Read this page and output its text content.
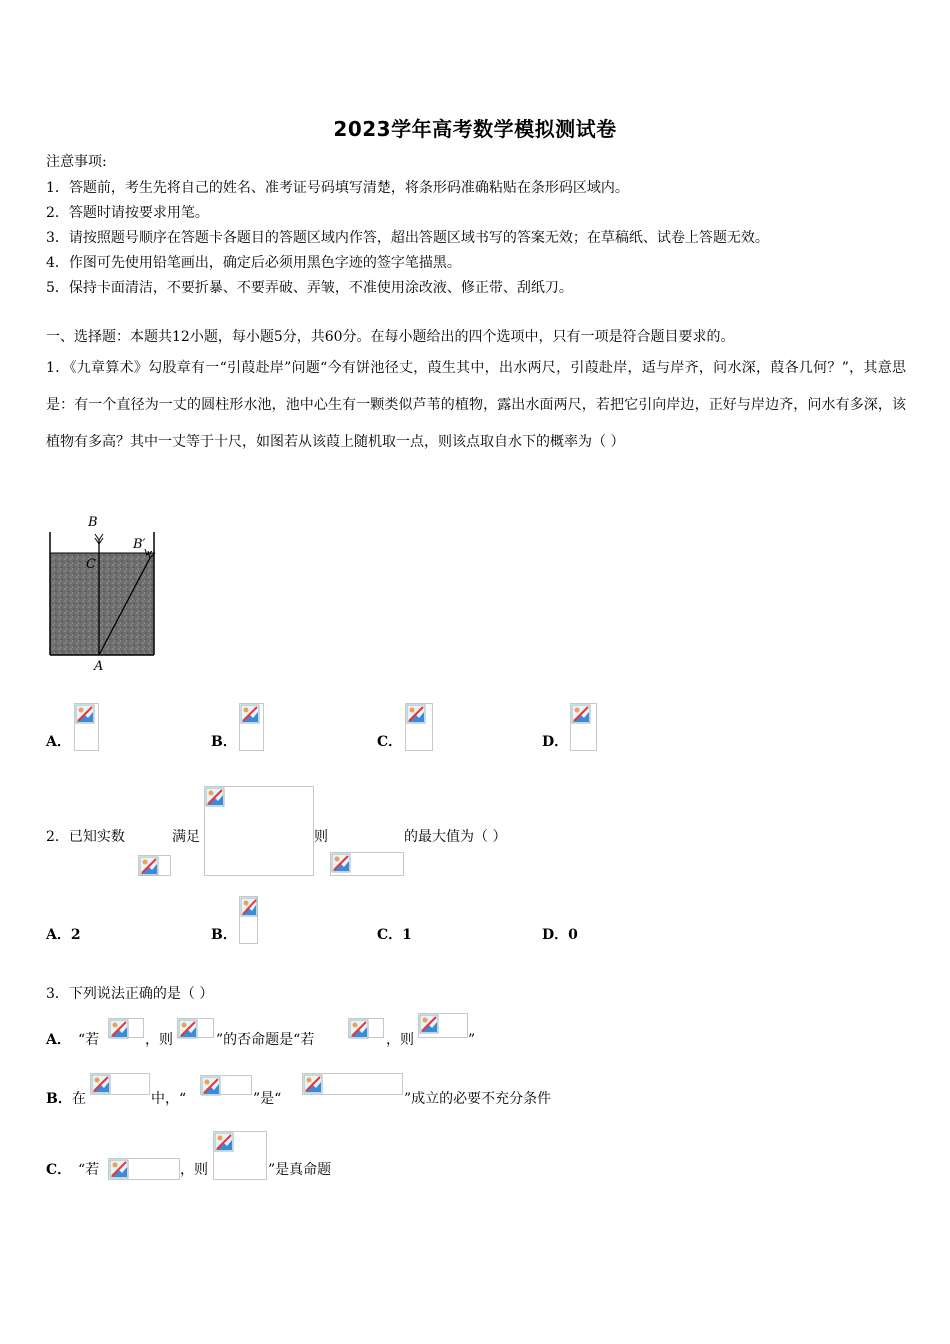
2023学年高考数学模拟测试卷
注意事项:
1．答题前，考生先将自己的姓名、准考证号码填写清楚，将条形码准确粘贴在条形码区域内。
2．答题时请按要求用笔。
3．请按照题号顺序在答题卡各题目的答题区域内作答，超出答题区域书写的答案无效；在草稿纸、试卷上答题无效。
4．作图可先使用铅笔画出，确定后必须用黑色字迹的签字笔描黑。
5．保持卡面清洁，不要折暴、不要弄破、弄皱，不准使用涂改液、修正带、刮纸刀。
一、选择题：本题共12小题，每小题5分，共60分。在每小题给出的四个选项中，只有一项是符合题目要求的。
1．《九章算术》勾股章有一“引葭赴岸”问题“今有饼池径丈，葭生其中，出水两尺，引葭赴岸，适与岸齐，问水深，葭各几何？”，其意思是：有一个直径为一丈的圆柱形水池，池中心生有一颗类似芦苇的植物，露出水面两尺，若把它引向岸边，正好与岸边齐，问水有多深，该植物有多高？其中一丈等于十尺，如图若从该葭上随机取一点，则该点取自水下的概率为（ ）
B
B′
C
A
A．	B．	C．	D．
2．已知实数	满足	则	的最大值为（ ）
A．2	B．	C．1	D．0
3．下列说法正确的是（ ）
A． “若	，则	”的否命题是“若	，则	”
B． 在	中，“	”是“	”成立的必要不充分条件
C． “若	，则	”是真命题
